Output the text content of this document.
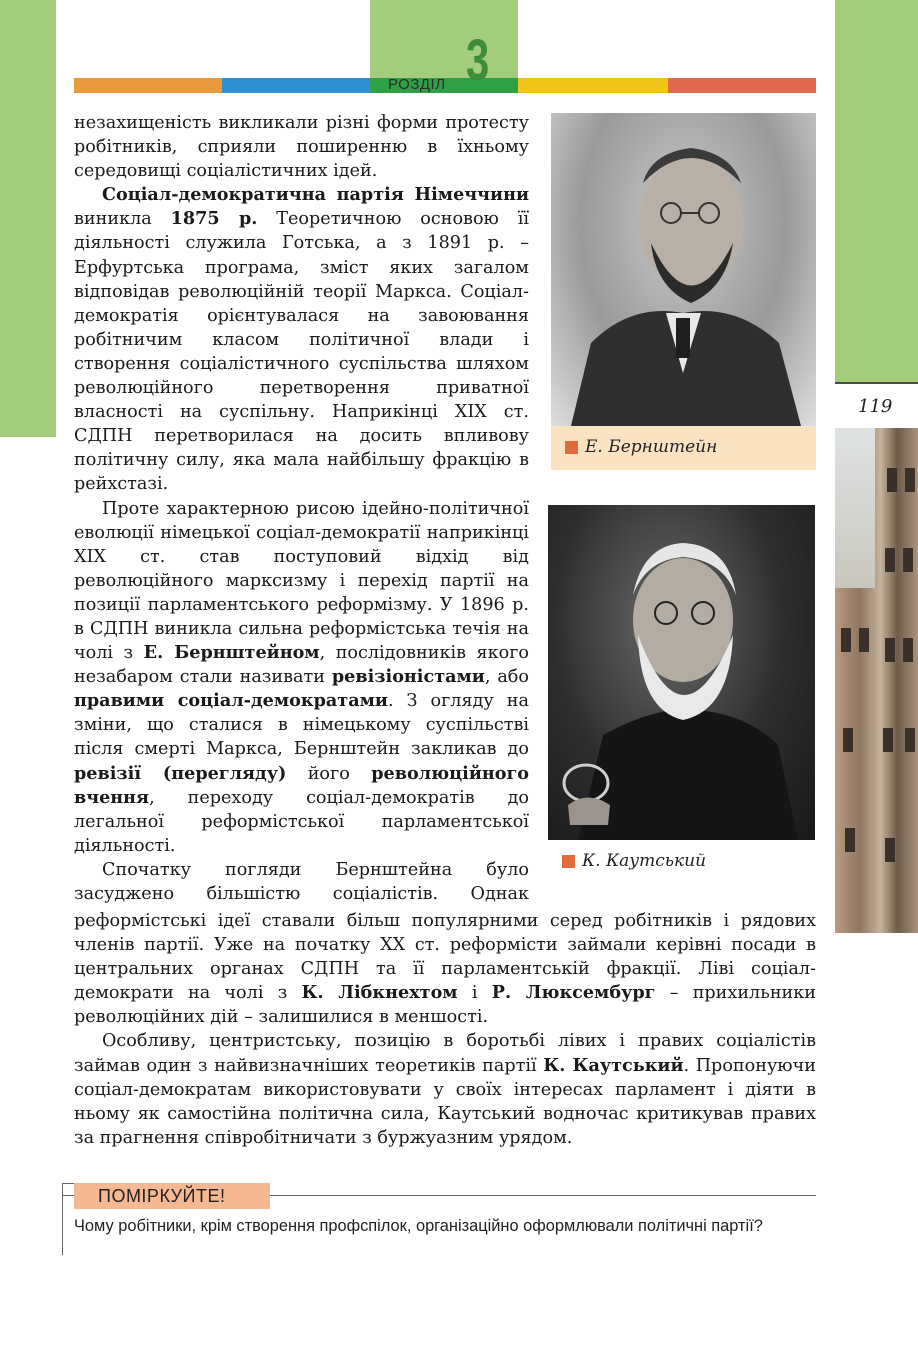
РОЗДІЛ 3
119

незахищеність викликали різні форми протесту робітників, сприяли поширенню в їхньому середовищі соціалістичних ідей.

Соціал-демократична партія Німеччини виникла 1875 р. Теоретичною основою її діяльності служила Готська, а з 1891 р. – Ерфуртська програма, зміст яких загалом відповідав революційній теорії Маркса. Соціал-демократія орієнтувалася на завоювання робітничим класом політичної влади і створення соціалістичного суспільства шляхом революційного перетворення приватної власності на суспільну. Наприкінці XIX ст. СДПН перетворилася на досить впливову політичну силу, яка мала найбільшу фракцію в рейхстазі.

Проте характерною рисою ідейно-політичної еволюції німецької соціал-демократії наприкінці XIX ст. став поступовий відхід від революційного марксизму і перехід партії на позиції парламентського реформізму. У 1896 р. в СДПН виникла сильна реформістська течія на чолі з Е. Бернштейном, послідовників якого незабаром стали називати ревізіоністами, або правими соціал-демократами. З огляду на зміни, що сталися в німецькому суспільстві після смерті Маркса, Бернштейн закликав до ревізії (перегляду) його революційного вчення, переходу соціал-демократів до легальної реформістської парламентської діяльності.

Спочатку погляди Бернштейна було засуджено більшістю соціалістів. Однак

реформістські ідеї ставали більш популярними серед робітників і рядових членів партії. Уже на початку XX ст. реформісти займали керівні посади в центральних органах СДПН та її парламентській фракції. Ліві соціал-демократи на чолі з К. Лібкнехтом і Р. Люксембург – прихильники революційних дій – залишилися в меншості.

Особливу, центристську, позицію в боротьбі лівих і правих соціалістів займав один з найвизначніших теоретиків партії К. Каутський. Пропонуючи соціал-демократам використовувати у своїх інтересах парламент і діяти в ньому як самостійна політична сила, Каутський водночас критикував правих за прагнення співробітничати з буржуазним урядом.

Е. Бернштейн
К. Каутський
ПОМІРКУЙТЕ!
Чому робітники, крім створення профспілок, організаційно оформлювали політичні партії?
